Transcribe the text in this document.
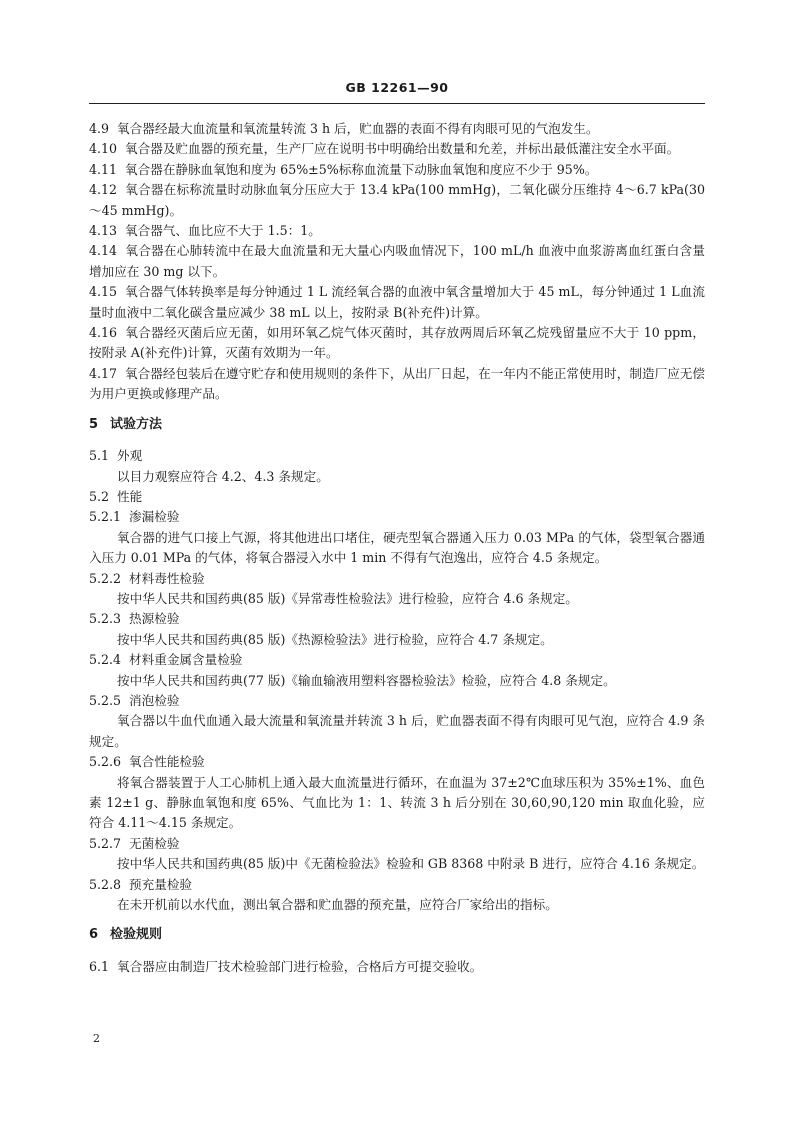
GB 12261—90

4.9 氧合器经最大血流量和氧流量转流 3 h 后，贮血器的表面不得有肉眼可见的气泡发生。

4.10 氧合器及贮血器的预充量，生产厂应在说明书中明确给出数量和允差，并标出最低灌注安全水平面。

4.11 氧合器在静脉血氧饱和度为 65%±5%标称血流量下动脉血氧饱和度应不少于 95%。

4.12 氧合器在标称流量时动脉血氧分压应大于 13.4 kPa(100 mmHg)，二氧化碳分压维持 4～6.7 kPa(30～45 mmHg)。

4.13 氧合器气、血比应不大于 1.5：1。

4.14 氧合器在心肺转流中在最大血流量和无大量心内吸血情况下，100 mL/h 血液中血浆游离血红蛋白含量增加应在 30 mg 以下。

4.15 氧合器气体转换率是每分钟通过 1 L 流经氧合器的血液中氧含量增加大于 45 mL，每分钟通过 1 L血流量时血液中二氧化碳含量应减少 38 mL 以上，按附录 B(补充件)计算。

4.16 氧合器经灭菌后应无菌，如用环氧乙烷气体灭菌时，其存放两周后环氧乙烷残留量应不大于 10 ppm，按附录 A(补充件)计算，灭菌有效期为一年。

4.17 氧合器经包装后在遵守贮存和使用规则的条件下，从出厂日起，在一年内不能正常使用时，制造厂应无偿为用户更换或修理产品。

5 试验方法

5.1 外观

以目力观察应符合 4.2、4.3 条规定。

5.2 性能

5.2.1 渗漏检验

氧合器的进气口接上气源，将其他进出口堵住，硬壳型氧合器通入压力 0.03 MPa 的气体，袋型氧合器通入压力 0.01 MPa 的气体，将氧合器浸入水中 1 min 不得有气泡逸出，应符合 4.5 条规定。

5.2.2 材料毒性检验

按中华人民共和国药典(85 版)《异常毒性检验法》进行检验，应符合 4.6 条规定。

5.2.3 热源检验

按中华人民共和国药典(85 版)《热源检验法》进行检验，应符合 4.7 条规定。

5.2.4 材料重金属含量检验

按中华人民共和国药典(77 版)《输血输液用塑料容器检验法》检验，应符合 4.8 条规定。

5.2.5 消泡检验

氧合器以牛血代血通入最大流量和氧流量并转流 3 h 后，贮血器表面不得有肉眼可见气泡，应符合 4.9 条规定。

5.2.6 氧合性能检验

将氧合器装置于人工心肺机上通入最大血流量进行循环，在血温为 37±2℃血球压积为 35%±1%、血色素 12±1 g、静脉血氧饱和度 65%、气血比为 1：1、转流 3 h 后分别在 30,60,90,120 min 取血化验，应符合 4.11～4.15 条规定。

5.2.7 无菌检验

按中华人民共和国药典(85 版)中《无菌检验法》检验和 GB 8368 中附录 B 进行，应符合 4.16 条规定。

5.2.8 预充量检验

在未开机前以水代血，测出氧合器和贮血器的预充量，应符合厂家给出的指标。

6 检验规则

6.1 氧合器应由制造厂技术检验部门进行检验，合格后方可提交验收。

2
